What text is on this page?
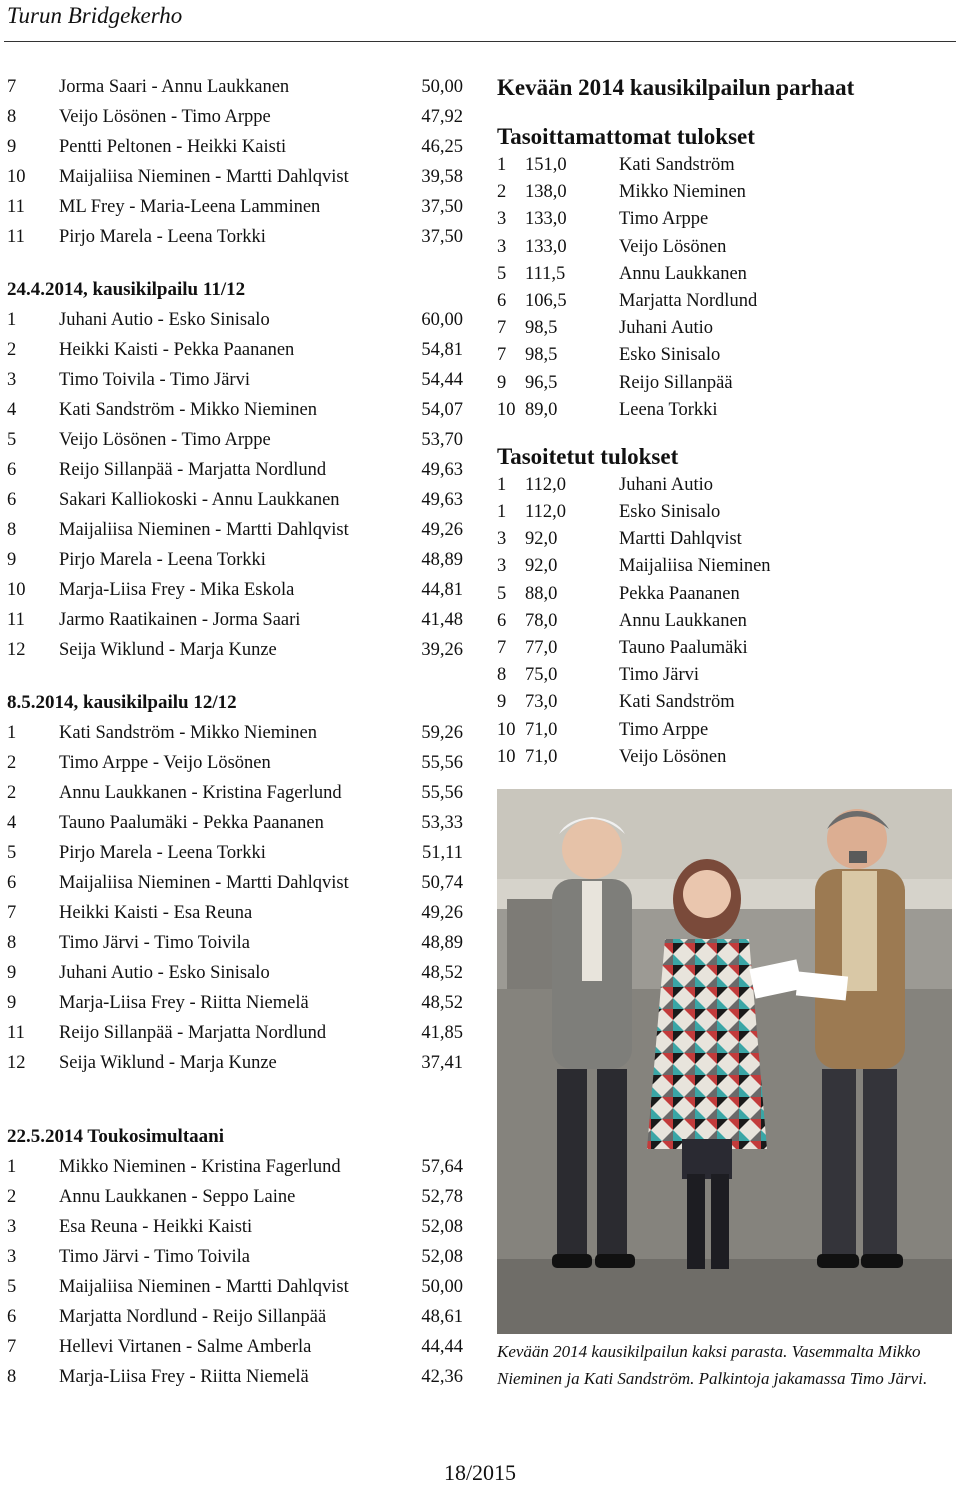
Turun Bridgekerho
7 Jorma Saari - Annu Laukkanen	50,00
8 Veijo Lösönen - Timo Arppe	47,92
9 Pentti Peltonen - Heikki Kaisti	46,25
10 Maijaliisa Nieminen - Martti Dahlqvist	39,58
11 ML Frey - Maria-Leena Lamminen	37,50
11 Pirjo Marela - Leena Torkki	37,50
24.4.2014, kausikilpailu 11/12
1 Juhani Autio - Esko Sinisalo	60,00
2 Heikki Kaisti - Pekka Paananen	54,81
3 Timo Toivila - Timo Järvi	54,44
4 Kati Sandström - Mikko Nieminen	54,07
5 Veijo Lösönen - Timo Arppe	53,70
6 Reijo Sillanpää - Marjatta Nordlund	49,63
6 Sakari Kalliokoski - Annu Laukkanen	49,63
8 Maijaliisa Nieminen - Martti Dahlqvist	49,26
9 Pirjo Marela - Leena Torkki	48,89
10 Marja-Liisa Frey - Mika Eskola	44,81
11 Jarmo Raatikainen - Jorma Saari	41,48
12 Seija Wiklund - Marja Kunze	39,26
8.5.2014, kausikilpailu 12/12
1 Kati Sandström - Mikko Nieminen	59,26
2 Timo Arppe - Veijo Lösönen	55,56
2 Annu Laukkanen - Kristina Fagerlund	55,56
4 Tauno Paalumäki - Pekka Paananen	53,33
5 Pirjo Marela - Leena Torkki	51,11
6 Maijaliisa Nieminen - Martti Dahlqvist	50,74
7 Heikki Kaisti - Esa Reuna	49,26
8 Timo Järvi - Timo Toivila	48,89
9 Juhani Autio - Esko Sinisalo	48,52
9 Marja-Liisa Frey - Riitta Niemelä	48,52
11 Reijo Sillanpää - Marjatta Nordlund	41,85
12 Seija Wiklund - Marja Kunze	37,41
22.5.2014 Toukosimultaani
1 Mikko Nieminen - Kristina Fagerlund	57,64
2 Annu Laukkanen - Seppo Laine	52,78
3 Esa Reuna - Heikki Kaisti	52,08
3 Timo Järvi - Timo Toivila	52,08
5 Maijaliisa Nieminen - Martti Dahlqvist	50,00
6 Marjatta Nordlund - Reijo Sillanpää	48,61
7 Hellevi Virtanen - Salme Amberla	44,44
8 Marja-Liisa Frey - Riitta Niemelä	42,36
Kevään 2014 kausikilpailun parhaat
Tasoittamattomat tulokset
1 151,0	Kati Sandström
2 138,0	Mikko Nieminen
3 133,0	Timo Arppe
3 133,0	Veijo Lösönen
5 111,5	Annu Laukkanen
6 106,5	Marjatta Nordlund
7 98,5	Juhani Autio
7 98,5	Esko Sinisalo
9 96,5	Reijo Sillanpää
10 89,0	Leena Torkki
Tasoitetut tulokset
1 112,0	Juhani Autio
1 112,0	Esko Sinisalo
3 92,0	Martti Dahlqvist
3 92,0	Maijaliisa Nieminen
5 88,0	Pekka Paananen
6 78,0	Annu Laukkanen
7 77,0	Tauno Paalumäki
8 75,0	Timo Järvi
9 73,0	Kati Sandström
10 71,0	Timo Arppe
10 71,0	Veijo Lösönen
Kevään 2014 kausikilpailun kaksi parasta. Vasemmalta Mikko Nieminen ja Kati Sandström. Palkintoja jakamassa Timo Järvi.
18/2015
